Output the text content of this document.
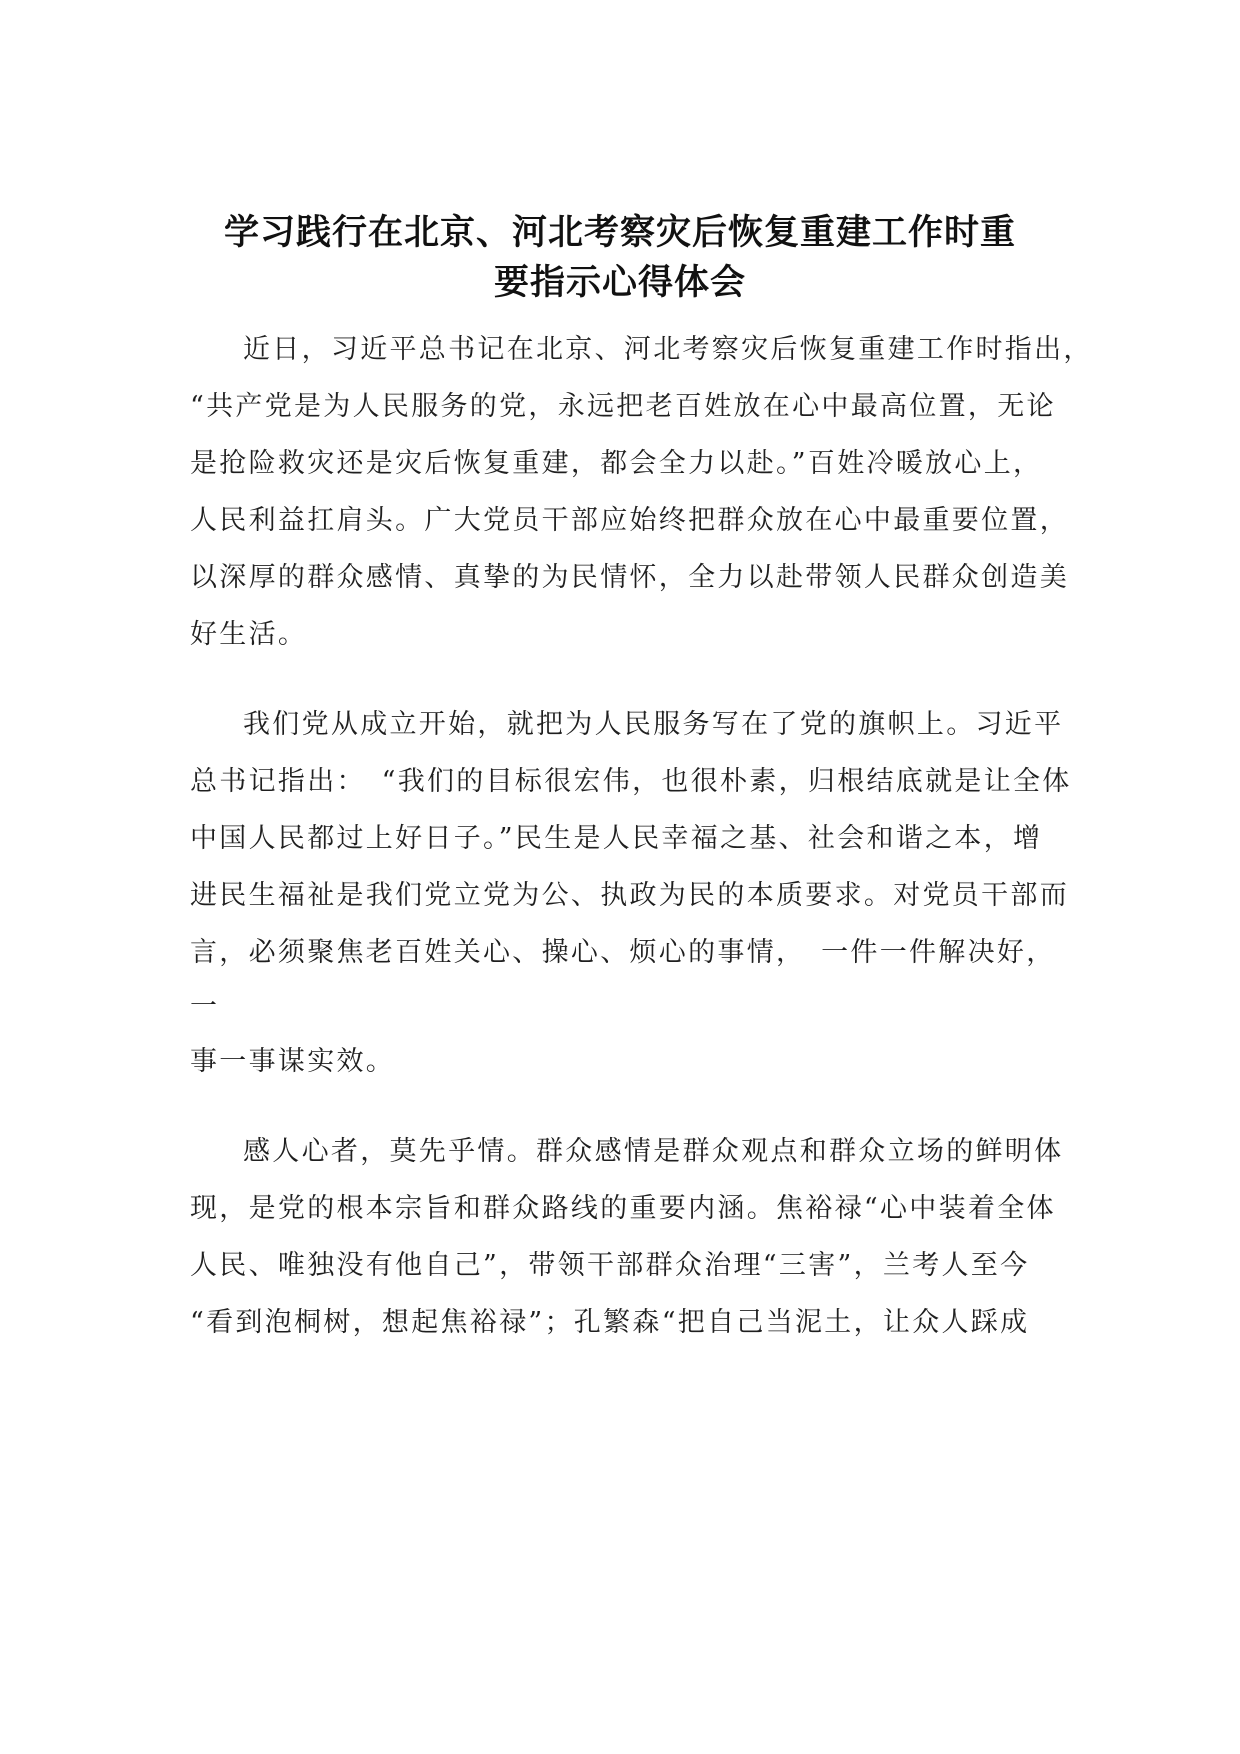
学习践行在北京、河北考察灾后恢复重建工作时重
要指示心得体会
近日，习近平总书记在北京、河北考察灾后恢复重建工作时指出，
“共产党是为人民服务的党，永远把老百姓放在心中最高位置，无论
是抢险救灾还是灾后恢复重建，都会全力以赴。”百姓冷暖放心上，
人民利益扛肩头。广大党员干部应始终把群众放在心中最重要位置，
以深厚的群众感情、真挚的为民情怀，全力以赴带领人民群众创造美
好生活。
我们党从成立开始，就把为人民服务写在了党的旗帜上。习近平
总书记指出：　“我们的目标很宏伟，也很朴素，归根结底就是让全体
中国人民都过上好日子。”民生是人民幸福之基、社会和谐之本，增
进民生福祉是我们党立党为公、执政为民的本质要求。对党员干部而
言，必须聚焦老百姓关心、操心、烦心的事情，　一件一件解决好，
一
事一事谋实效。
感人心者，莫先乎情。群众感情是群众观点和群众立场的鲜明体
现，是党的根本宗旨和群众路线的重要内涵。焦裕禄“心中装着全体
人民、唯独没有他自己”，带领干部群众治理“三害”，兰考人至今
“看到泡桐树，想起焦裕禄”；孔繁森“把自己当泥土，让众人踩成
